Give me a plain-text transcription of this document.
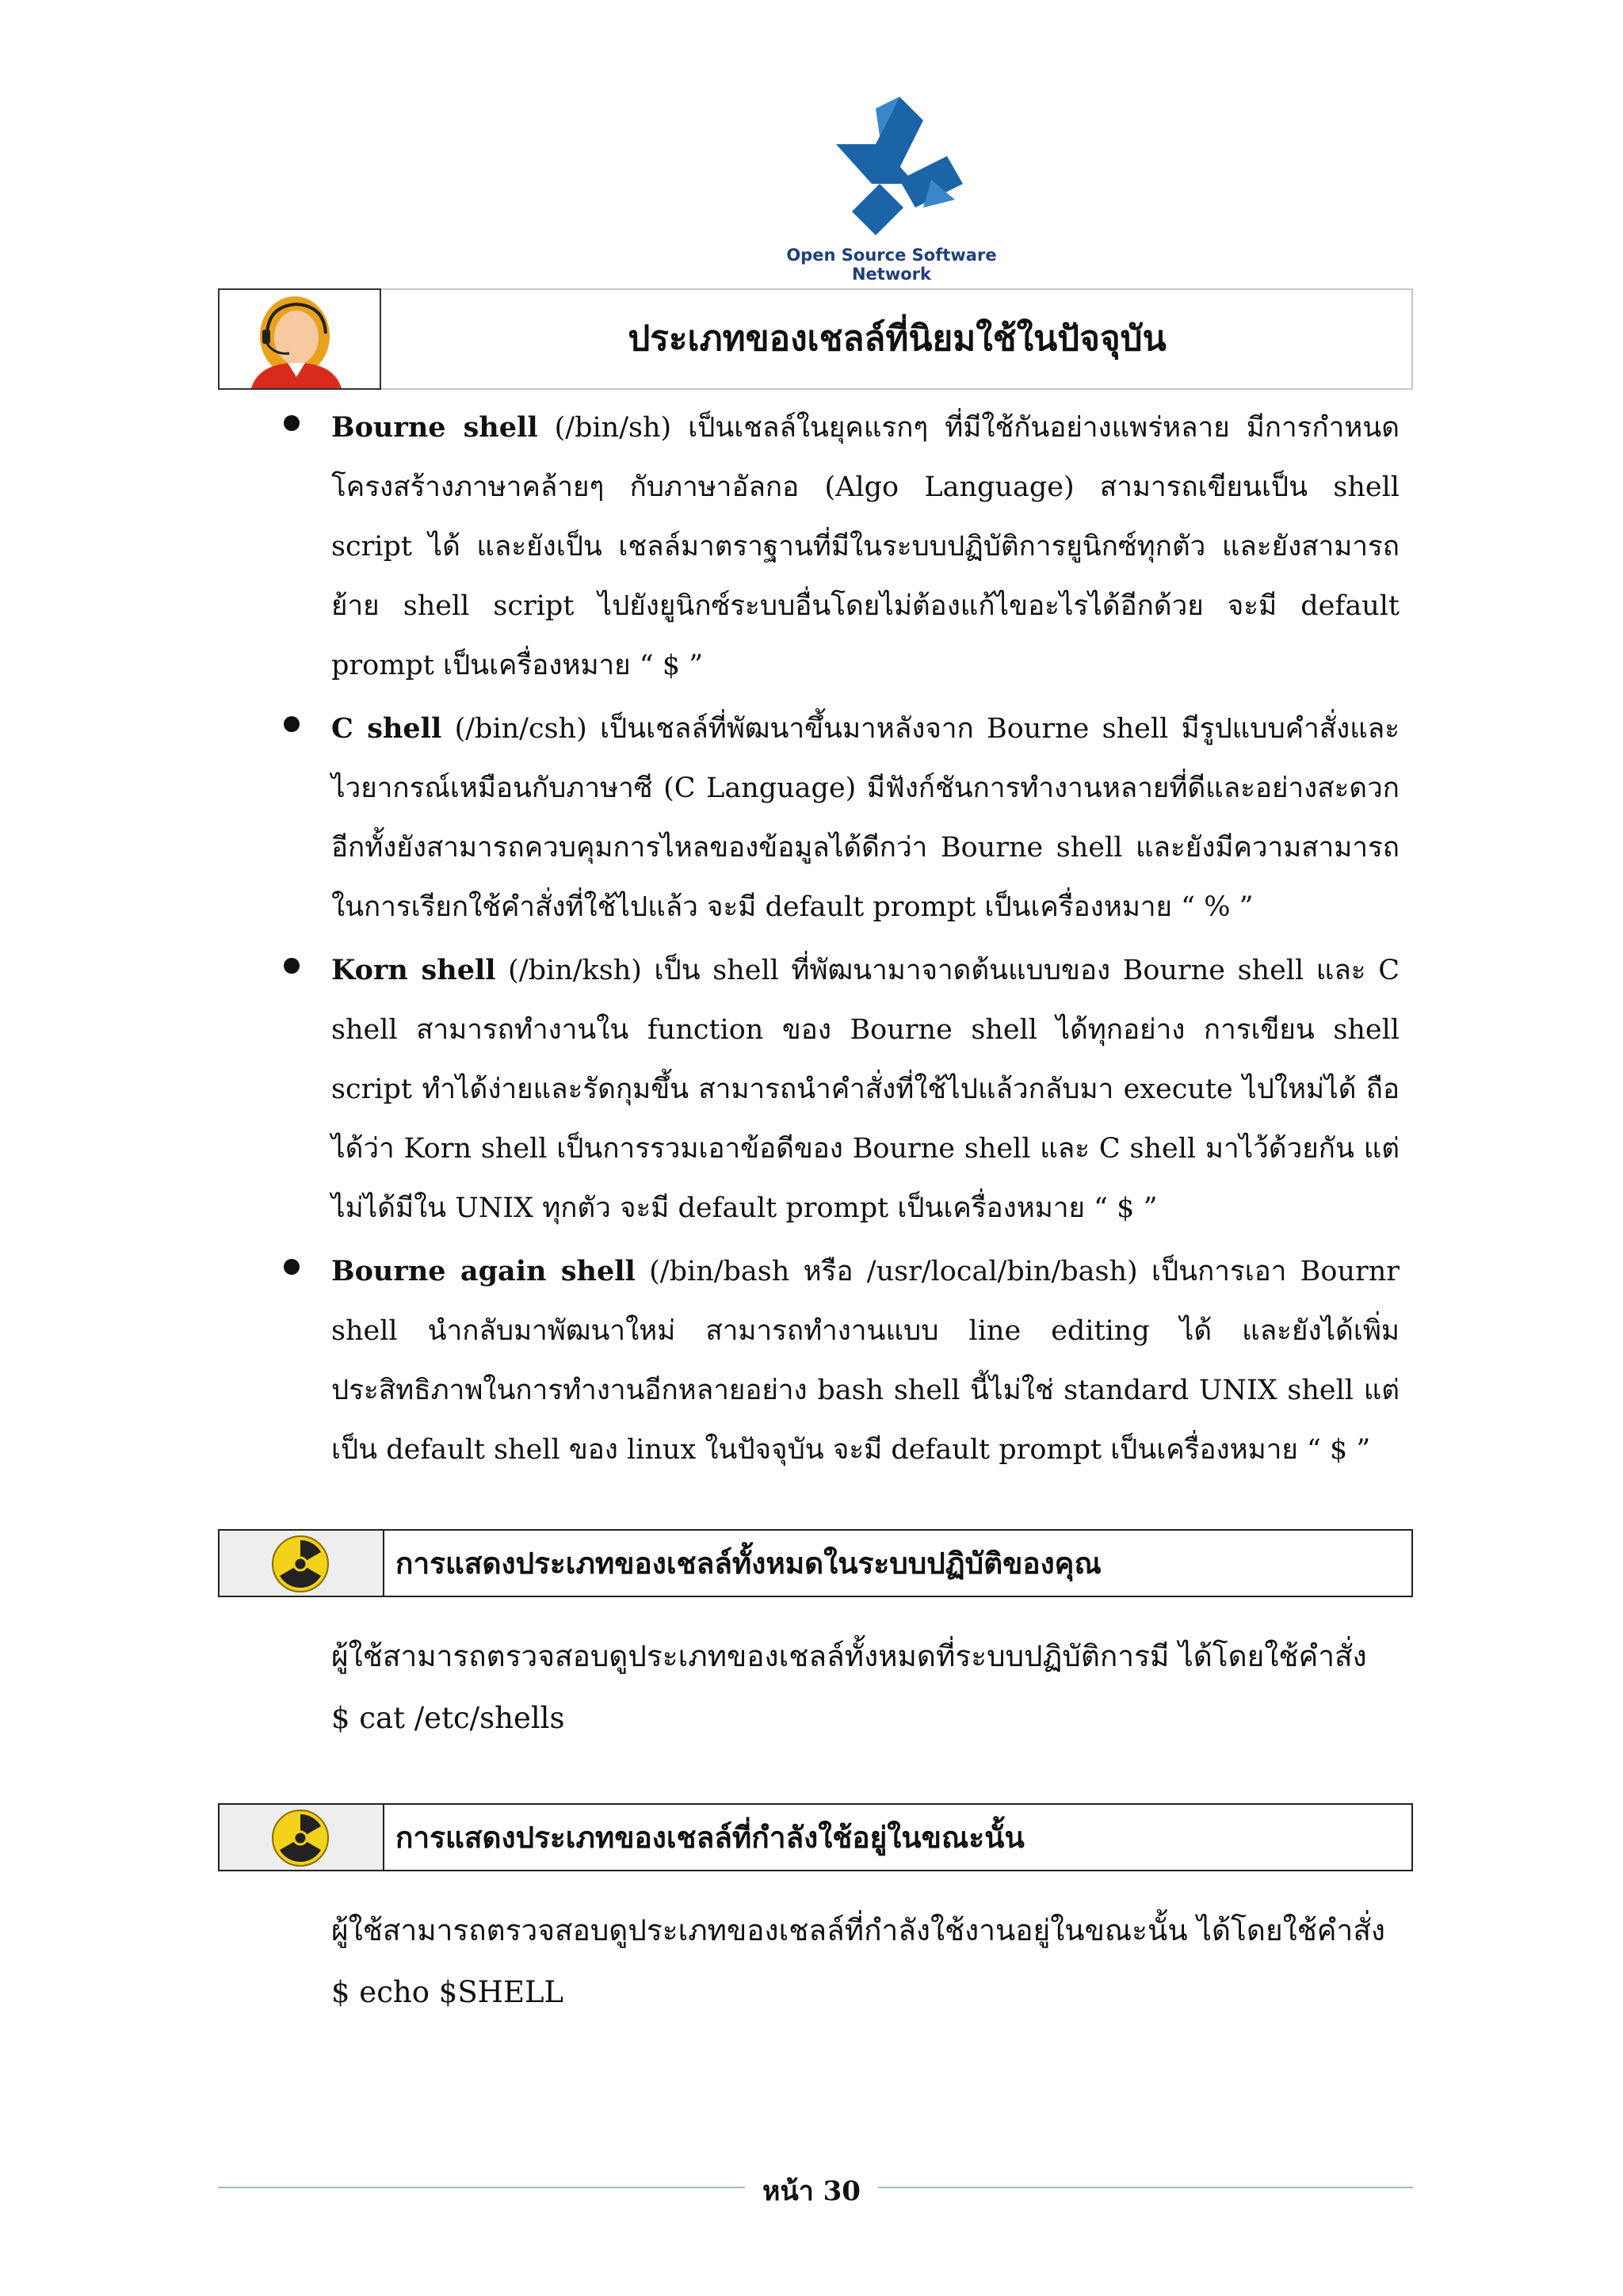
Open Source Software Network
ประเภทของเชลล์ที่นิยมใช้ในปัจจุบัน

Bourne shell (/bin/sh) เป็นเชลล์ในยุคแรกๆ ที่มีใช้กันอย่างแพร่หลาย มีการกำหนดโครงสร้างภาษาคล้ายๆ กับภาษาอัลกอ (Algo Language) สามารถเขียนเป็น shell script ได้ และยังเป็น เชลล์มาตราฐานที่มีในระบบปฏิบัติการยูนิกซ์ทุกตัว และยังสามารถย้าย shell script ไปยังยูนิกซ์ระบบอื่นโดยไม่ต้องแก้ไขอะไรได้อีกด้วย จะมี default prompt เป็นเครื่องหมาย “ $ ”

C shell (/bin/csh) เป็นเชลล์ที่พัฒนาขึ้นมาหลังจาก Bourne shell มีรูปแบบคำสั่งและไวยากรณ์เหมือนกับภาษาซี (C Language) มีฟังก์ชันการทำงานหลายที่ดีและอย่างสะดวก อีกทั้งยังสามารถควบคุมการไหลของข้อมูลได้ดีกว่า Bourne shell และยังมีความสามารถในการเรียกใช้คำสั่งที่ใช้ไปแล้ว จะมี default prompt เป็นเครื่องหมาย “ % ”

Korn shell (/bin/ksh) เป็น shell ที่พัฒนามาจาดต้นแบบของ Bourne shell และ C shell สามารถทำงานใน function ของ Bourne shell ได้ทุกอย่าง การเขียน shell script ทำได้ง่ายและรัดกุมขึ้น สามารถนำคำสั่งที่ใช้ไปแล้วกลับมา execute ไปใหม่ได้ ถือได้ว่า Korn shell เป็นการรวมเอาข้อดีของ Bourne shell และ C shell มาไว้ด้วยกัน แต่ไม่ได้มีใน UNIX ทุกตัว จะมี default prompt เป็นเครื่องหมาย “ $ ”

Bourne again shell (/bin/bash หรือ /usr/local/bin/bash) เป็นการเอา Bournr shell นำกลับมาพัฒนาใหม่ สามารถทำงานแบบ line editing ได้ และยังได้เพิ่มประสิทธิภาพในการทำงานอีกหลายอย่าง bash shell นี้ไม่ใช่ standard UNIX shell แต่เป็น default shell ของ linux ในปัจจุบัน จะมี default prompt เป็นเครื่องหมาย “ $ ”

การแสดงประเภทของเชลล์ทั้งหมดในระบบปฏิบัติของคุณ

ผู้ใช้สามารถตรวจสอบดูประเภทของเชลล์ทั้งหมดที่ระบบปฏิบัติการมี ได้โดยใช้คำสั่ง

$ cat /etc/shells

การแสดงประเภทของเชลล์ที่กำลังใช้อยู่ในขณะนั้น

ผู้ใช้สามารถตรวจสอบดูประเภทของเชลล์ที่กำลังใช้งานอยู่ในขณะนั้น ได้โดยใช้คำสั่ง

$ echo $SHELL

หน้า 30
